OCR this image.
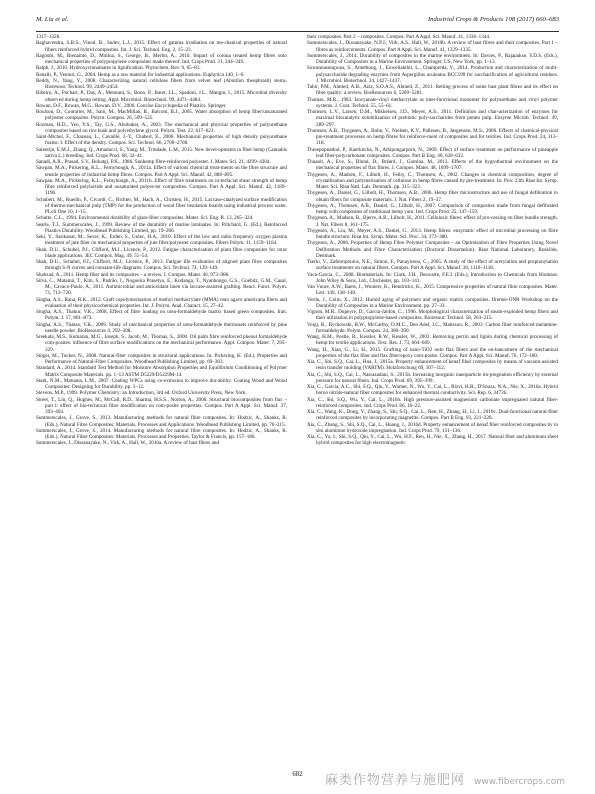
M. Liu et al.	Industrial Crops & Products 108 (2017) 660–683

1317–1328.

Raghavendra, S.B.S., Vinod, B., Sudev, L.J., 2015. Effect of gamma irradiation on me-chanical properties of natural fibers reinforced hybrid composites. Int. J. Sci. Technol. Eng. 2, 15–23.

Ragoubi, M., Bienaimé, D., Molina, S., George, B., Merlin, A., 2010. Impact of corona treated hemp fibres onto mechanical properties of polypropylene composites made thereof. Ind. Crops Prod. 31, 344–349.

Ralph, J., 2010. Hydroxycinnamates in lignification. Phytochem. Rev. 9, 65–83.

Ranalli, P., Venturi, G., 2004. Hemp as a raw material for industrial applications. Euphytica 140, 1–6.

Reddy, N., Yang, Y., 2008. Characterizing natural cellulose fibers from velvet leaf (Abutilon theophrasti) stems. Bioresour. Technol. 99, 2449–2454.

Ribeiro, A., Pochart, P., Day, A., Mennuni, S., Bono, P., Baret, J.L., Spadoni, J.L., Mangin, I., 2015. Microbial diversity observed during hemp retting. Appl. Microbiol. Biotechnol. 99, 4471–4484.

Rowan, D.F., Rowan, M.G., Rowan, D.V., 2000. Concise Encyclopedia of Plastics. Springer.

Rouison, D., Couturier, M., Sain, M., MacMillan, B., Balcom, B.J., 2005. Water absorption of hemp fiber/unsaturated polyester composites. Polym. Compos. 26, 509–525.

Rozman, H.D., Yeo, Y.S., Tay, G.S., Abubakar, A., 2003. The mechanical and physical properties of polyurethane composites based on rice husk and polyethylene glycol. Polym. Test. 22, 617–623.

Saint-Michel, F., Chazeau, L., Cavaillé, J.-Y., Chabert, E., 2006. Mechanical properties of high density polyurethane foams: I. Effect of the density. Compos. Sci. Technol. 66, 2700–2708.

Salentijn, E.M.J., Zhang, Q., Amaducci, S., Yang, M., Trindade, L.M., 2015. New devel-opments in fiber hemp (Cannabis sativa L.) breeding. Ind. Crops Prod. 68, 32–41.

Sanadi, A.R., Prasad, S.V., Rohatgi, P.K., 1986. Sunhemp fibre-reinforced polyester. J. Mater. Sci. 21, 4299–4304.

Sawpan, M.A., Pickering, K.L., Fernyhough, A., 2011a. Effect of various chemical treat-ments on the fibre structure and tensile properties of industrial hemp fibres. Compos. Part A Appl. Sci. Manuf. 42, 888–895.

Sawpan, M.A., Pickering, K.L., Fernyhough, A., 2011b. Effect of fibre treatments on in-terfacial shear strength of hemp fibre reinforced polylactide and unsaturated polyes-ter composites. Compos. Part A Appl. Sci. Manuf. 42, 1189–1196.

Schubert, M., Ruedin, P., Civardi, C., Richter, M., Hach, A., Christen, H., 2015. Laccase-catalyzed surface modification of thermo-mechanical pulp (TMP) for the production of wood fiber insulation boards using industrial process water. PLoS One 10, 1–15.

Schutte, C.L., 1994. Environmental durability of glass-fiber composites. Mater. Sci. Eng. R. 13, 265–324.

Searle, T.J., Summerscales, J., 1999. Review of the durability of marine laminates. In: Pritchard, G. (Ed.), Reinforced Plastics Durability. Woodhead Publishing Limited, pp. 19–266.

Seki, Y., Sarikanat, M., Sever, K., Erden, S., Gulec, H.A., 2010. Effect of the low and radio frequency oxygen plasma treatment of jute fiber on mechanical properties of jute fiber/polyester composites. Fibers Polym. 11, 1159–1164.

Shah, D.U., Schubel, P.J., Clifford, M.J., Licence, P., 2012. Fatigue characterisation of plant fibre composites for rotor blade applications. JEC Compos. Mag. 49, 51–54.

Shah, D.U., Schubel, P.J., Clifford, M.J., Licence, P., 2013. Fatigue life evaluation of aligned plant fibre composites through S-N curves and constant-life diagrams. Compos. Sci. Technol. 74, 139–149.

Shahzad, A., 2011. Hemp fiber and its composites – a review. J. Compos. Mater. 46, 973–986.

Silva, C., Matamá, T., Kim, S., Padrão, J., Nogueira Prasetyo, E., Kudanga, T., Nyanhongo, G.S., Guebitz, G.M., Casal, M., Cavaco-Paulo, A., 2011. Antimicrobial and antioxidant linen via laccase-assisted grafting. React. Funct. Polym. 71, 713–720.

Singha, A.S., Rana, R.K., 2012. Graft copolymerization of methyl methacrylate (MMA) onto agave americana fibers and evaluation of their physicochemical properties. Int. J. Polym. Anal. Charact. 15, 27–42.

Singha, A.S., Thakur, V.K., 2008. Effect of fibre loading on urea-formaldehyde matrix based green composites. Iran. Polym. J. 17, 861–873.

Singha, A.S., Thakur, V.K., 2009. Study of mechanical properties of urea-formaldehyde thermosets reinforced by pine needle powder. BioResources 4, 292–308.

Sreekala, M.S., Kumaran, M.G., Joseph, S., Jacob, M., Thomas, S., 2000. Oil palm fibre reinforced phenol formaldehyde com-posites: influence of fibre surface modifications on the mechanical performance. Appl. Compos. Mater. 7, 295–329.

Stöger, M., Tucker, N., 2008. Natural-fiber composites in structural applications. In: Pickering, K. (Ed.), Properties and Performance of Natural-Fiber Composites. Woodhead Publishing Limited, pp. 69–303.

Standard, A., 2014. Standard Test Method for Moisture Absorption Properties and Equilibrium Conditioning of Polymer Matrix Composite Materials. pp. 1–13 ASTM D5229/D5229M-14.

Stark, N.M., Matuana, L.M., 2007. Coating WPCs using co-extrusion to improve dur-ability. Coating Wood and Wood Composites: Designing for Durability. pp. 1–12.

Stevens, M.P., 1999. Polymer Chemistry: an Introduction, 3rd ed. Oxford University Press, New York.

Street, T., Lin, Q., Hughes, M., McCall, R.D., Sharma, H.S.S., Norton, A., 2006. Structural biocomposites from flax – part I: effect of bio-technical fibre modification on com-posite properties. Compos. Part A Appl. Sci. Manuf. 37, 393–404.

Summerscales, J., Grove, S., 2013. Manufacturing methods for natural fibre composites. In: Hodzic, A., Shanks, R. (Eds.), Natural Fibre Composites: Materials, Processes and Applications. Woodhead Publishing Limited, pp. 76–215.

Summerscales, J., Grove, S., 2014. Manufacturing methods for natural fibre composites. In: Hodzic, A., Shanks, R. (Eds.), Natural Fibre Composites: Materials, Processes and Properties. Taylor & Francis, pp. 157–186.

Summerscales, J., Dissanayake, N., Virk, A., Hall, W., 2010a. A review of bast fibres and

their composites. Part 2 – composites. Compos. Part A Appl. Sci. Manuf. 41, 1336–1344.

Summerscales, J., Dissanayake, N.P.J., Virk, A.S., Hall, W., 2010b. A review of bast fibres and their composites. Part 1 – fibres as reinforcements. Compos. Part A Appl. Sci. Manuf. 41, 1329–1335.

Summerscales, J., 2014. Durability of composites in the marine environment. In: Davies, P., Rajapakse, Y.D.S. (Eds.), Durability of Composites in a Marine Environment. Springer, US, New York, pp. 1–13.

Suwannasungwan, S., Amethong, J., Euweliakthit, L., Champreda, V., 2014. Production and characterization of multi-polysaccharide degrading enzymes from Aspergillus aculeatus BCC199 for saccharification of agricultural residues. J. Microbiol. Biotechnol. 24, 1427–1437.

Tahir, P.M., Ahmed, A.B., Aziz, S.O.A.S., Ahmed, Z., 2011. Retting process of some bast plant fibres and its effect on fibre quality: a review. BioResources 6, 5260–5281.

Thomas, M.R., 1983. Isocyanate-vinyl methacrylate as inter-functional monomer for polyurethane and vinyl polymer systems. J. Coat. Technol. 55, 55–61.

Thomsen, L.V., Larsen, D.M., Mikkelsen, J.D., Meyer, A.S., 2011. Definition and char-acterization of enzymes for maximal biocatalytic solubilization of prebiotic poly-saccharides from potato pulp. Enzyme Microb. Technol. 49, 289–297.

Thomsen, A.B., Thygesen, A., Bohn, V., Nielsen, K.V., Pallesen, B., Jørgensen, M.S., 2006. Effects of chemical-physical pre-treatment processes on hemp fibres for reinforce-ment of composites and for textiles. Ind. Crops Prod. 24, 113–118.

Threepopnatkul, P., Kaerkitcha, N., Athipongarporn, N., 2009. Effect of surface treatment on performance of pineapple leaf fiber-polycarbonate composites. Compos. Part B Eng. 40, 628–632.

Thuault, A., Eve, S., Blond, D., Bréard, J., Gomina, M., 2013. Effects of the hygrothermal environment on the mechanical properties of flax fibres. J. Compos. Mater. 48, 1699–1707.

Thygesen, A., Madsen, F., Lilholt, H., Felby, C., Thomsen, A., 2002. Changes in chemical composition, degree of crystallisation and polymerisation of cellulose in hemp fibres caused by pre-treatment. In: Proc 23th Risø Int. Symp. Mater. Sci. Risø Natl. Lab. Denmark. pp. 315–323.

Thygesen, A., Daniel, G., Lilholt, H., Thomsen, A.B., 2006. Hemp fiber microstructure and use of fungal defibration to obtain fibers for composite materials. J. Nat. Fibers 2, 19–37.

Thygesen, A., Thomsen, A.B., Daniel, G., Lilholt, H., 2007. Comparison of composites made from fungal defibrated hemp with composites of traditional hemp yarn. Ind. Crops Prod. 25, 147–159.

Thygesen, A., Madsen, B., Bjerre, A.B., Lilholt, H., 2011. Cellulosic fibres: effect of pro-cessing on fiber bundle strength. J. Nat. Fibers 8, 161–175.

Thygesen, A., Liu, M., Meyer, A.S., Daniel, G., 2013. Hemp fibres: enzymatic effect of microbial processing on fibre bundle structure. Risø Int. Symp. Mater. Sci. Proc. 34, 373–380.

Thygesen, A., 2006. Properties of Hemp Fibre Polymer Composites – an Optimisation of Fibre Properties Using Novel Defibration Methods and Fibre Characterisation (Doctoral Dissertation). Risø National Laboratory, Roskilde, Denmark.

Tserki, V., Zafeiropoulos, N.E., Simon, F., Panayiotou, C., 2005. A study of the effect of acetylation and propionylation surface treatments on natural fibres. Compos. Part A Appl. Sci. Manuf. 36, 1110–1118.

Vaca-Garcia, C., 2008. Biomaterials. In: Clark, J.H., Deswarte, F.E.I. (Eds.), Introduction to Chemicals from Biomass. John Wiley & Sons, Ltd., Chichester, pp. 103–141.

Van Vuure, A.W., Baets, J., Wouters, K., Hendrickx, K., 2015. Compressive properties of natural fibre composites. Mater. Lett. 149, 138–140.

Verdu, J., Colin, X., 2012. Humid aging of polymers and organic matrix composites. Ifremer-ONR Workshop on the Durability of Composites in a Marine Environment. pp. 27–33.

Vignon, M.R., Dupeyre, D., Garcia-Jaldon, C., 1996. Morphological characterization of steam-exploded hemp fibers and their utilization in polypropylene-based composites. Bioresour. Technol. 58, 203–215.

Voigt, B., Bychowski, B.W., McCarthy, D.M.C., Den Adel, J.C., Mattsson, R., 2003. Carbon fiber reinforced melamine-formaldehyde. Polym. Compos. 24, 380–390.

Wang, H.M., Postle, R., Kessler, R.W., Kessler, W., 2003. Removing pectin and lignin during chemical processing of hemp for textile applications. Text. Res. J. 73, 664–669.

Wang, H., Xian, G., Li, H., 2015. Grafting of nano-TiO2 onto flax fibers and the en-hancement of the mechanical properties of the flax fiber and flax fiber/epoxy com-posite. Compos. Part A Appl. Sci. Manuf. 76, 172–180.

Xia, C., Shi, S.Q., Cai, L., Hua, J., 2015a. Property enhancement of kenaf fiber composites by means of vacuum-assisted resin transfer molding (VARTM). Holzforschung 69, 307–312.

Xia, C., Shi, S.Q., Cai, L., Nasrazadani, S., 2015b. Increasing inorganic nanoparticle im-pregnation efficiency by external pressure for natural fibers. Ind. Crops Prod. 69, 395–399.

Xia, C., Garcia, A.C., Shi, S.Q., Qiu, Y., Warner, N., Wu, Y., Cai, L., Rizvi, H.R., D'Souza, N.A., Nie, X., 2016a. Hybrid boron nitride-natural fiber composites for enhanced thermal conductivity. Sci. Rep. 6, 34726.

Xia, C., Shi, S.Q., Wu, Y., Cai, L., 2016b. High pressure-assisted magnesium carbonate impregnated natural fiber-reinforced composites. Ind. Crops Prod. 86, 16–22.

Xia, C., Wang, K., Dong, Y., Zhang, S., Shi, S.Q., Cai, L., Ren, H., Zhang, H., Li, J., 2016c. Dual-functional natural-fiber reinforced composites by incorporating magnetite. Compos. Part B Eng. 93, 221–228.

Xia, C., Zhang, S., Shi, S.Q., Cai, L., Huang, J., 2016d. Property enhancement of kenaf fiber reinforced composites by in situ aluminum hydroxide impregnation. Ind. Crops Prod. 79, 131–136.

Xia, C., Yu, J., Shi, S.Q., Qiu, Y., Cai, L., Wu, H.F., Ren, H., Nie, X., Zhang, H., 2017. Natural fiber and aluminum sheet hybrid composites for high electromagnetic

682	麻类作物营养与施肥网 www.fibercrops.com
